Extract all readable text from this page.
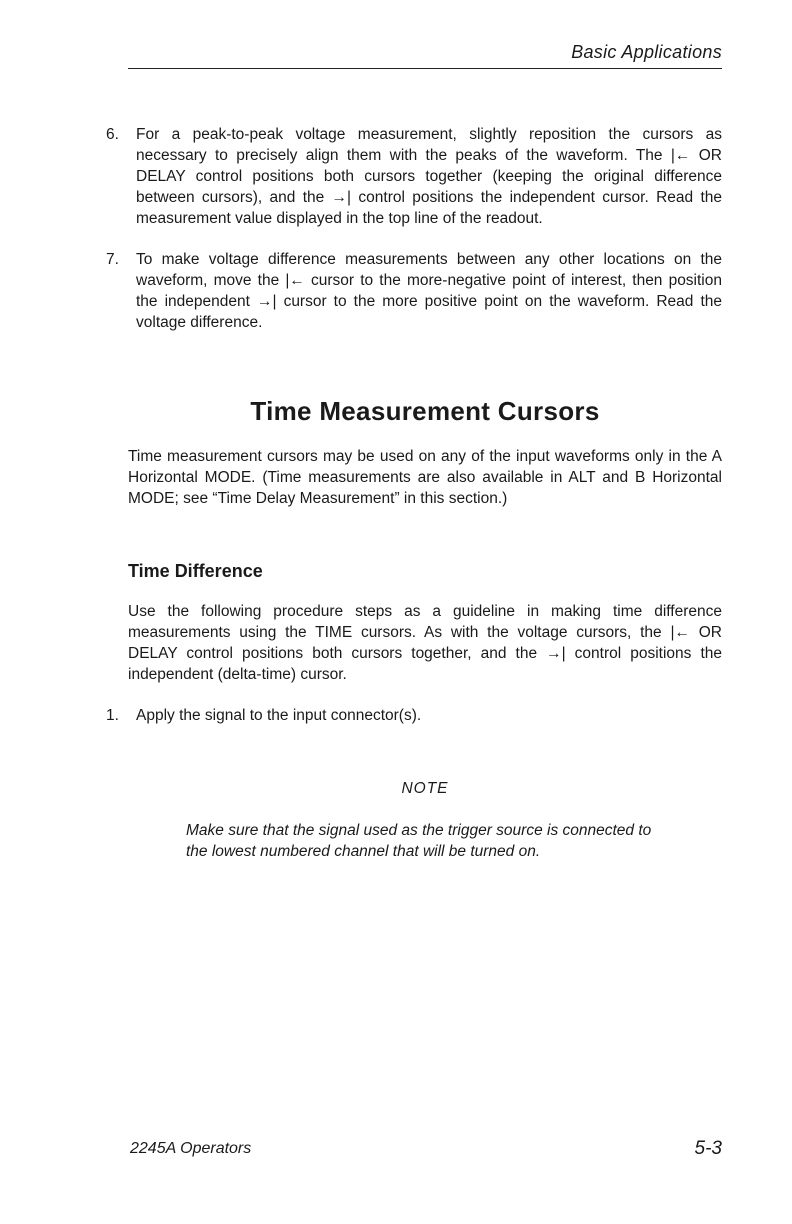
Basic Applications
6.	For a peak-to-peak voltage measurement, slightly reposition the cursors as necessary to precisely align them with the peaks of the waveform. The |← OR DELAY control positions both cursors together (keeping the original difference between cursors), and the →| control positions the independent cursor. Read the measurement value displayed in the top line of the readout.
7.	To make voltage difference measurements between any other locations on the waveform, move the |← cursor to the more-negative point of interest, then position the independent →| cursor to the more positive point on the waveform. Read the voltage difference.
Time Measurement Cursors

Time measurement cursors may be used on any of the input waveforms only in the A Horizontal MODE. (Time measurements are also available in ALT and B Horizontal MODE; see “Time Delay Measurement” in this section.)

Time Difference

Use the following procedure steps as a guideline in making time difference measurements using the TIME cursors. As with the voltage cursors, the |← OR DELAY control positions both cursors together, and the →| control positions the independent (delta-time) cursor.

1.	Apply the signal to the input connector(s).
NOTE
Make sure that the signal used as the trigger source is connected to the lowest numbered channel that will be turned on.
2245A Operators	5-3
